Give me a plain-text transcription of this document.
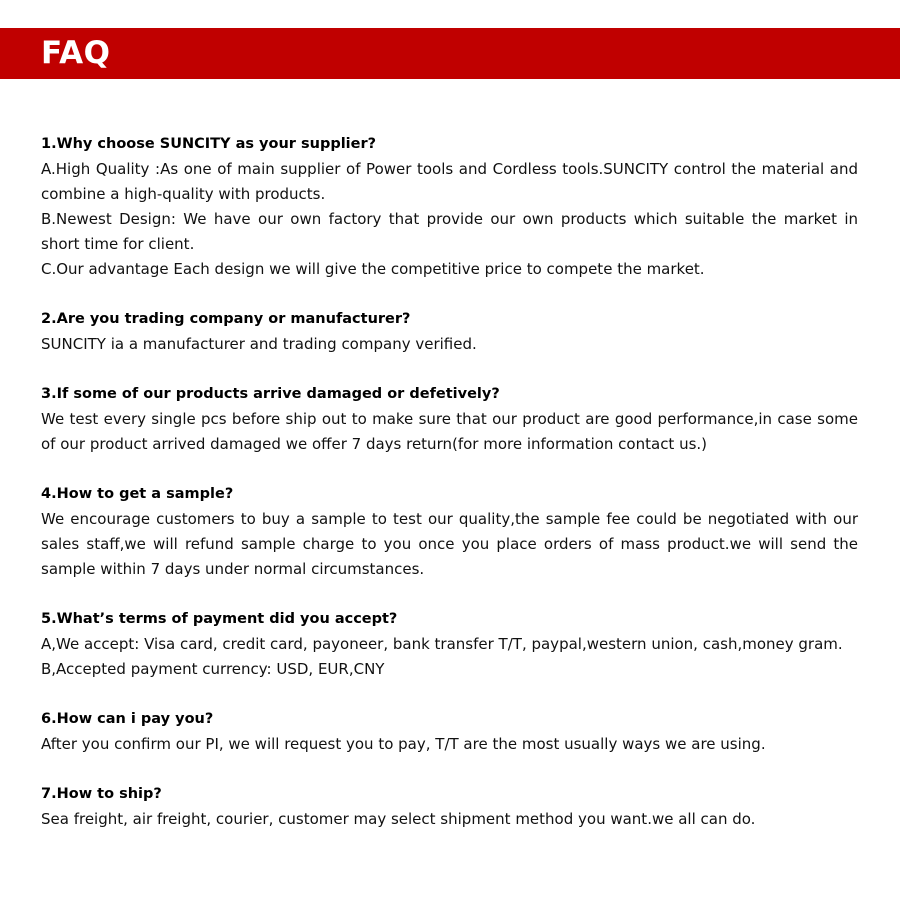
FAQ

1.Why choose SUNCITY as your supplier?

A.High Quality :As one of main supplier of Power tools and Cordless tools.SUNCITY control the material and combine a high-quality with products.

B.Newest Design: We have our own factory that provide our own products which suitable the market in short time for client.

C.Our advantage Each design we will give the competitive price to compete the market.

2.Are you trading company or manufacturer?

SUNCITY ia a manufacturer and trading company verified.

3.If some of our products arrive damaged or defetively?

We test every single pcs before ship out to make sure that our product are good performance,in case some of our product arrived damaged we offer 7 days return(for more information contact us.)

4.How to get a sample?

We encourage customers to buy a sample to test our quality,the sample fee could be negotiated with our sales staff,we will refund sample charge to you once you place orders of mass product.we will send the sample within 7 days under normal circumstances.

5.What’s terms of payment did you accept?

A,We accept: Visa card, credit card, payoneer, bank transfer T/T, paypal,western union, cash,money gram.

B,Accepted payment currency: USD, EUR,CNY

6.How can i pay you?

After you confirm our PI, we will request you to pay, T/T are the most usually ways we are using.

7.How to ship?

Sea freight, air freight, courier, customer may select shipment method you want.we all can do.
